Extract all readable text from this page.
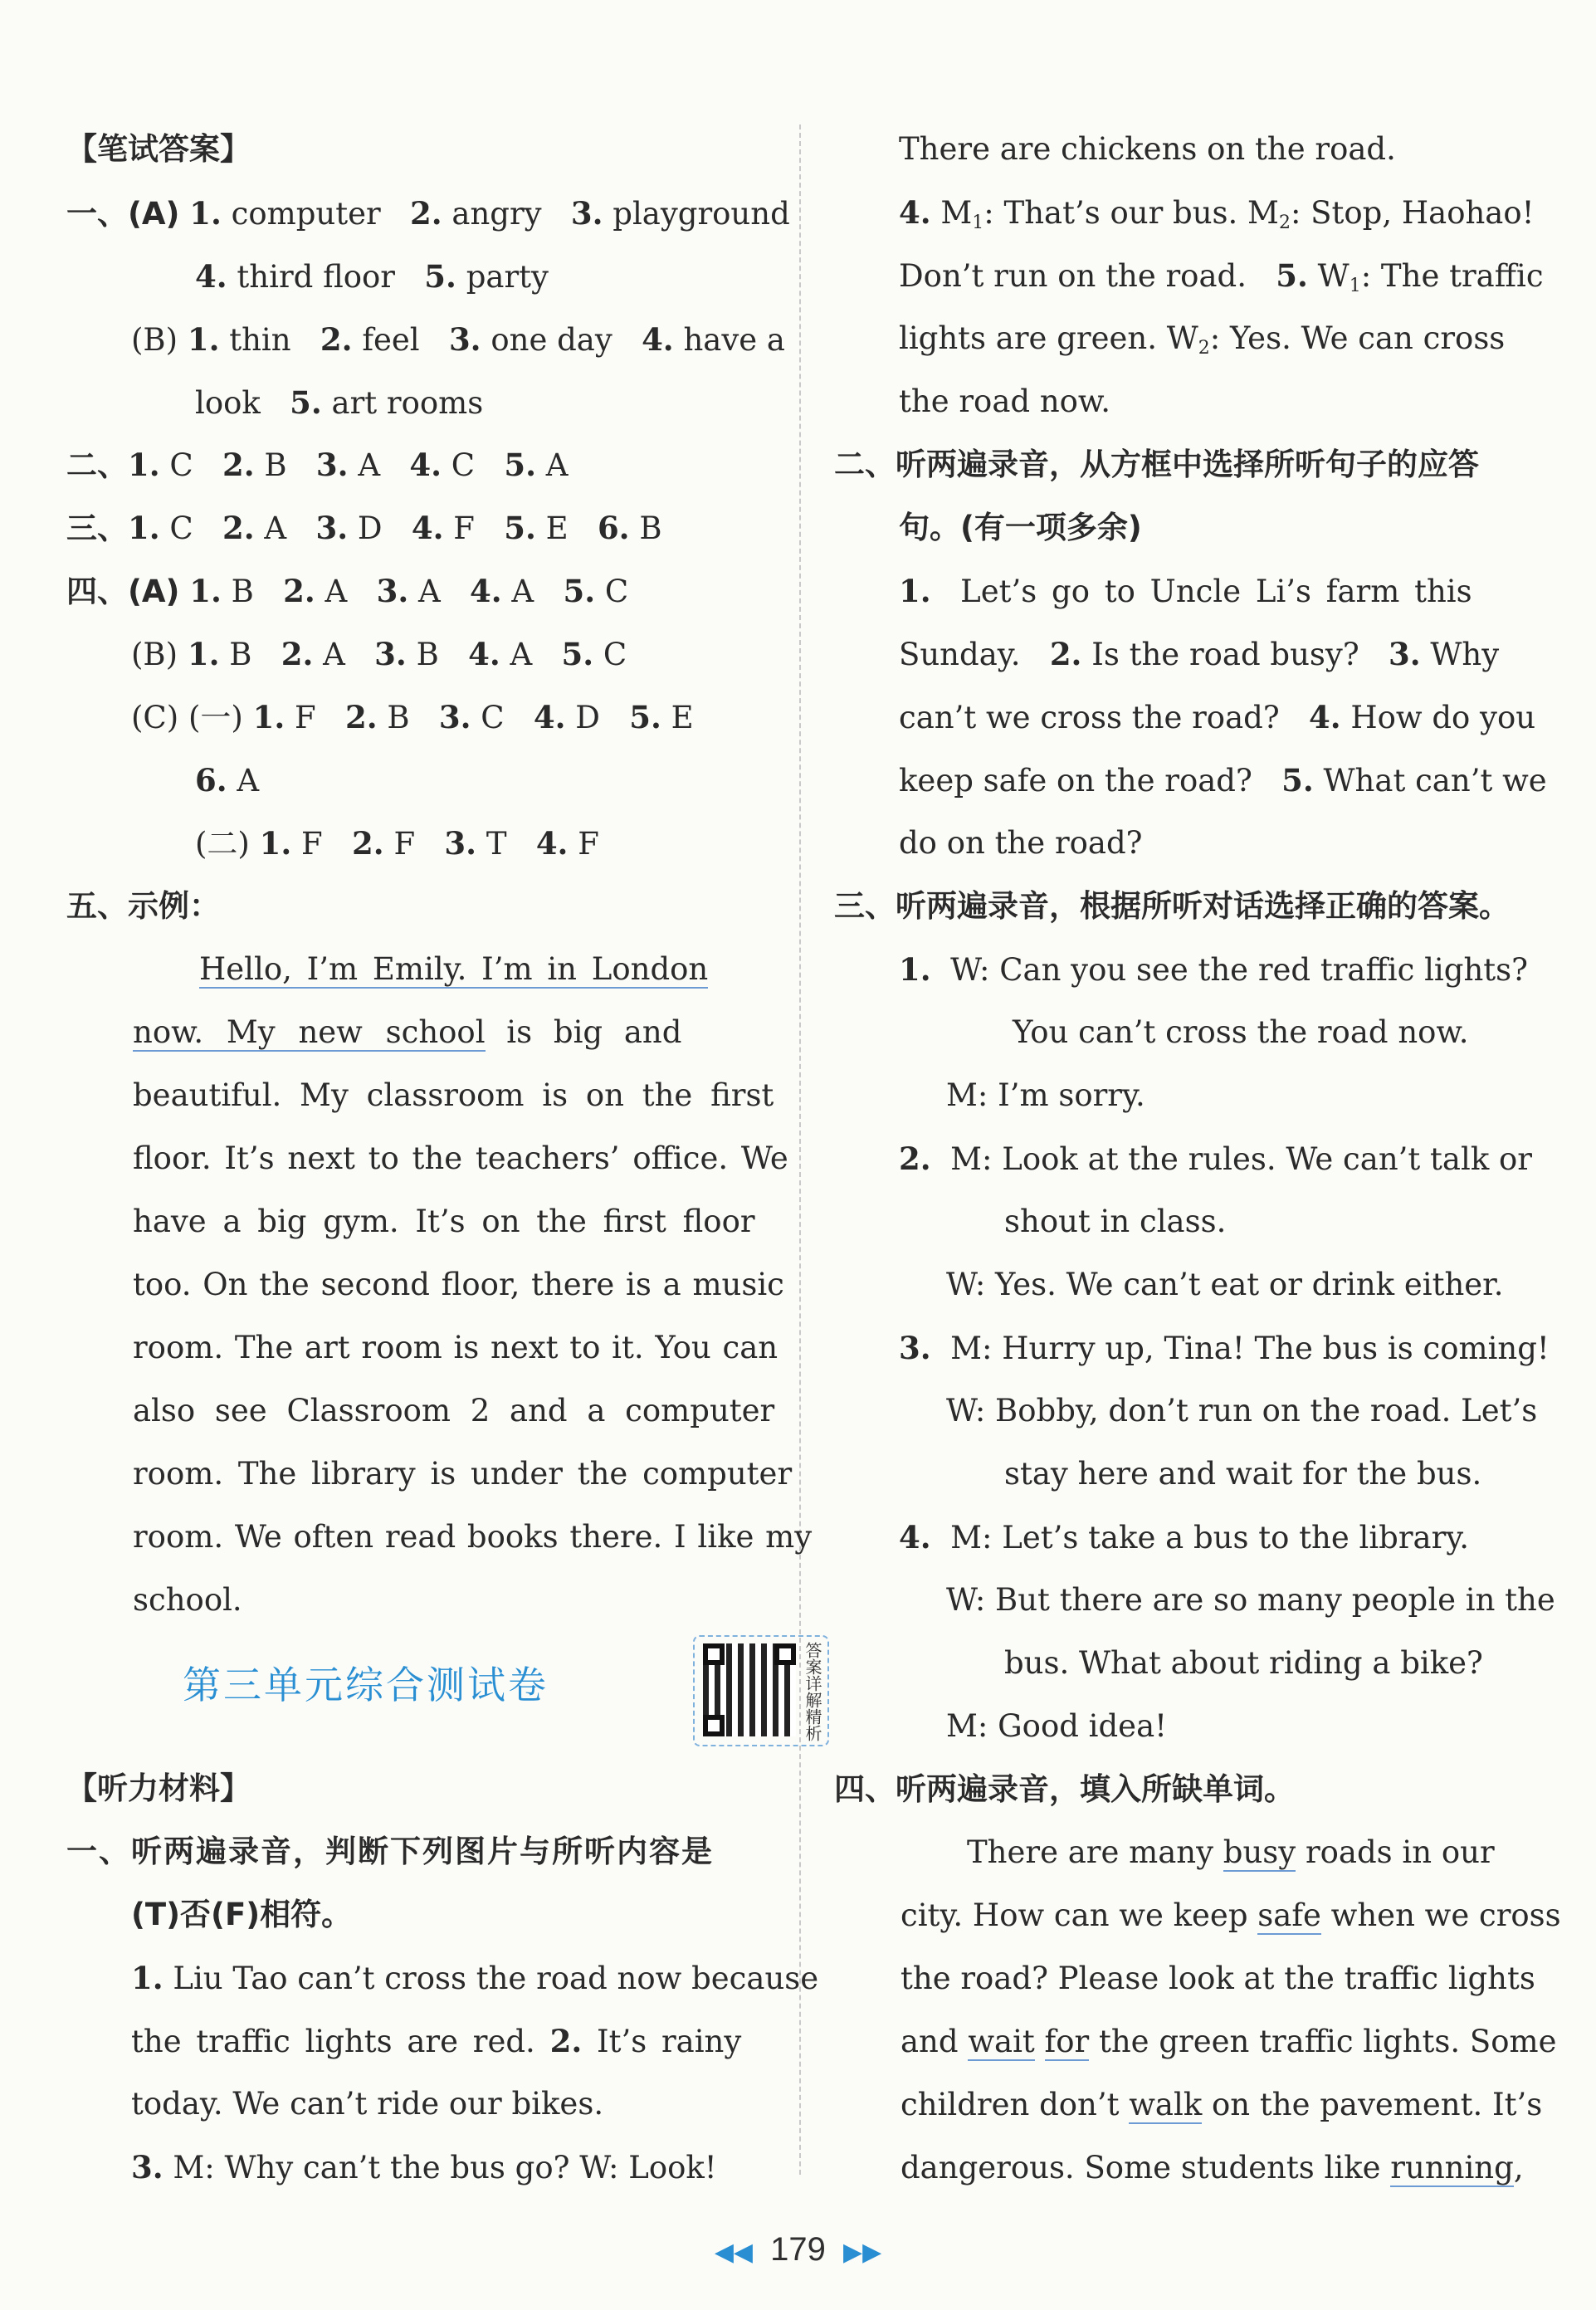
【笔试答案】
一、(A) 1. computer 2. angry 3. playground
4. third floor 5. party
(B) 1. thin 2. feel 3. one day 4. have a
look 5. art rooms
二、1. C 2. B 3. A 4. C 5. A
三、1. C 2. A 3. D 4. F 5. E 6. B
四、(A) 1. B 2. A 3. A 4. A 5. C
(B) 1. B 2. A 3. B 4. A 5. C
(C) (一) 1. F 2. B 3. C 4. D 5. E
6. A
(二) 1. F 2. F 3. T 4. F
五、示例：
Hello, I’m Emily. I’m in London
now. My new school is big and
beautiful. My classroom is on the first
floor. It’s next to the teachers’ office. We
have a big gym. It’s on the first floor
too. On the second floor, there is a music
room. The art room is next to it. You can
also see Classroom 2 and a computer
room. The library is under the computer
room. We often read books there. I like my
school.
第三单元综合测试卷	答案详解精析
【听力材料】
一、听两遍录音，判断下列图片与所听内容是
(T)否(F)相符。
1. Liu Tao can’t cross the road now because
the traffic lights are red. 2. It’s rainy
today. We can’t ride our bikes.
3. M: Why can’t the bus go? W: Look!
There are chickens on the road.
4. $M_1$: That’s our bus. $M_2$: Stop, Haohao!
Don’t run on the road. 5. $W_1$: The traffic
lights are green. $W_2$: Yes. We can cross
the road now.
二、听两遍录音，从方框中选择所听句子的应答
句。(有一项多余)
1. Let’s go to Uncle Li’s farm this
Sunday. 2. Is the road busy? 3. Why
can’t we cross the road? 4. How do you
keep safe on the road? 5. What can’t we
do on the road?
三、听两遍录音，根据所听对话选择正确的答案。
1. W: Can you see the red traffic lights?
You can’t cross the road now.
M: I’m sorry.
2. M: Look at the rules. We can’t talk or
shout in class.
W: Yes. We can’t eat or drink either.
3. M: Hurry up, Tina! The bus is coming!
W: Bobby, don’t run on the road. Let’s
stay here and wait for the bus.
4. M: Let’s take a bus to the library.
W: But there are so many people in the
bus. What about riding a bike?
M: Good idea!
四、听两遍录音，填入所缺单词。
There are many busy roads in our
city. How can we keep safe when we cross
the road? Please look at the traffic lights
and wait for the green traffic lights. Some
children don’t walk on the pavement. It’s
dangerous. Some students like running,
◀◀ 179 ▶▶
